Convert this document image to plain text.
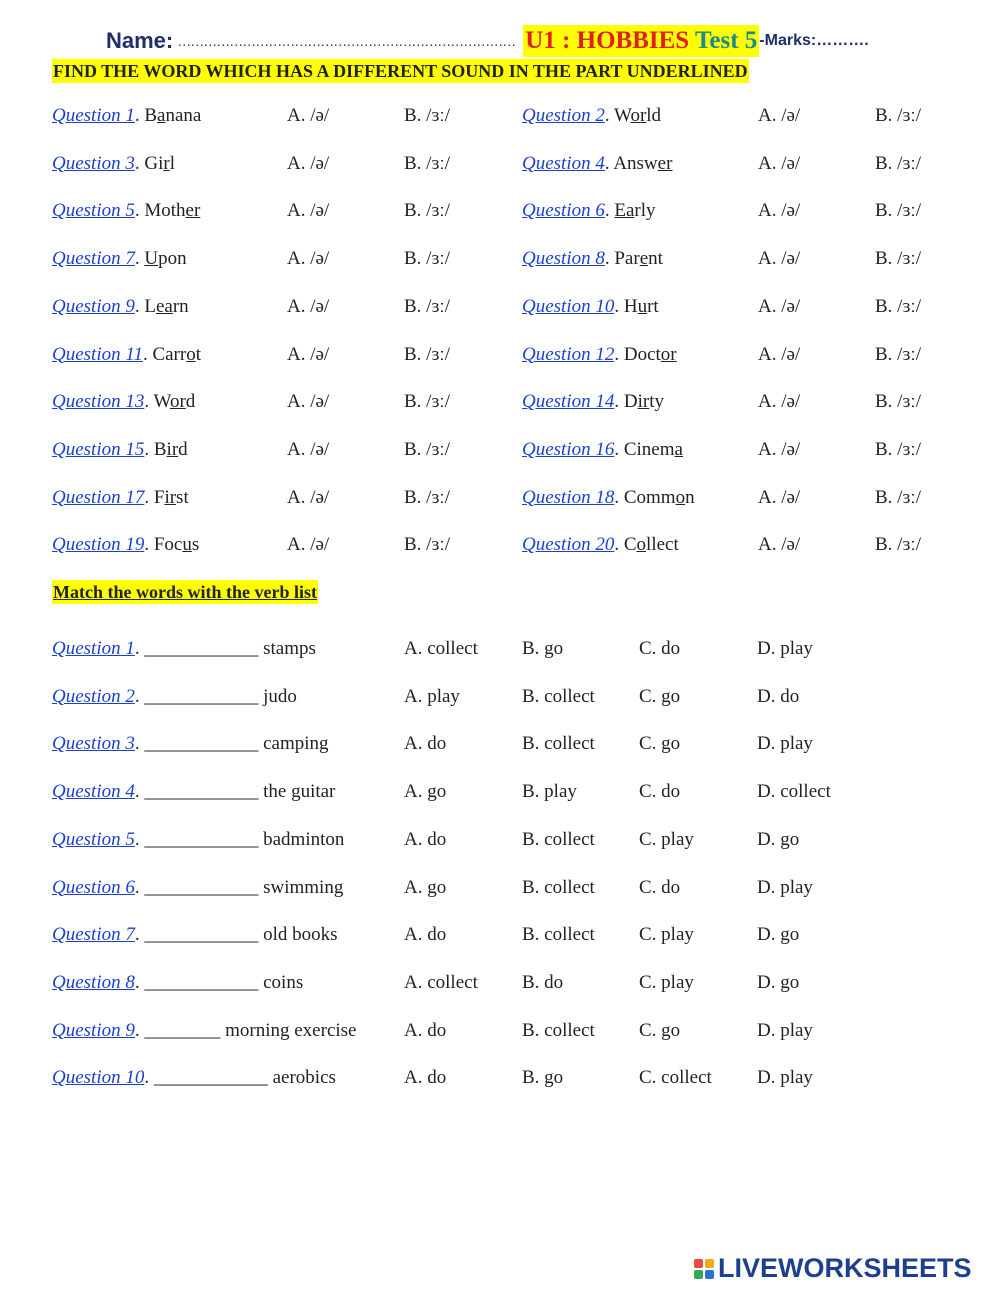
Name: …………………………………………………………………… U1 : HOBBIES Test 5 -Marks:……….
FIND THE WORD WHICH HAS A DIFFERENT SOUND IN THE PART UNDERLINED
Question 1. Banana	A. /ə/	B. /ɜː/	Question 2. World	A. /ə/	B. /ɜː/
Question 3. Girl	A. /ə/	B. /ɜː/	Question 4. Answer	A. /ə/	B. /ɜː/
Question 5. Mother	A. /ə/	B. /ɜː/	Question 6. Early	A. /ə/	B. /ɜː/
Question 7. Upon	A. /ə/	B. /ɜː/	Question 8. Parent	A. /ə/	B. /ɜː/
Question 9. Learn	A. /ə/	B. /ɜː/	Question 10. Hurt	A. /ə/	B. /ɜː/
Question 11. Carrot	A. /ə/	B. /ɜː/	Question 12. Doctor	A. /ə/	B. /ɜː/
Question 13. Word	A. /ə/	B. /ɜː/	Question 14. Dirty	A. /ə/	B. /ɜː/
Question 15. Bird	A. /ə/	B. /ɜː/	Question 16. Cinema	A. /ə/	B. /ɜː/
Question 17. First	A. /ə/	B. /ɜː/	Question 18. Common	A. /ə/	B. /ɜː/
Question 19. Focus	A. /ə/	B. /ɜː/	Question 20. Collect	A. /ə/	B. /ɜː/
Match the words with the verb list
Question 1. ____________ stamps	A. collect B. go	C. do	D. play
Question 2. ____________ judo	A. play	B. collect C. go	D. do
Question 3. ____________ camping	A. do	B. collect C. go	D. play
Question 4. ____________ the guitar	A. go	B. play	C. do	D. collect
Question 5. ____________ badminton	A. do	B. collect C. play	D. go
Question 6. ____________ swimming	A. go	B. collect C. do	D. play
Question 7. ____________ old books	A. do	B. collect C. play	D. go
Question 8. ____________ coins	A. collect B. do	C. play	D. go
Question 9. ________ morning exercise	A. do	B. collect C. go	D. play
Question 10. ____________ aerobics	A. do	B. go	C. collect D. play
LIVEWORKSHEETS
